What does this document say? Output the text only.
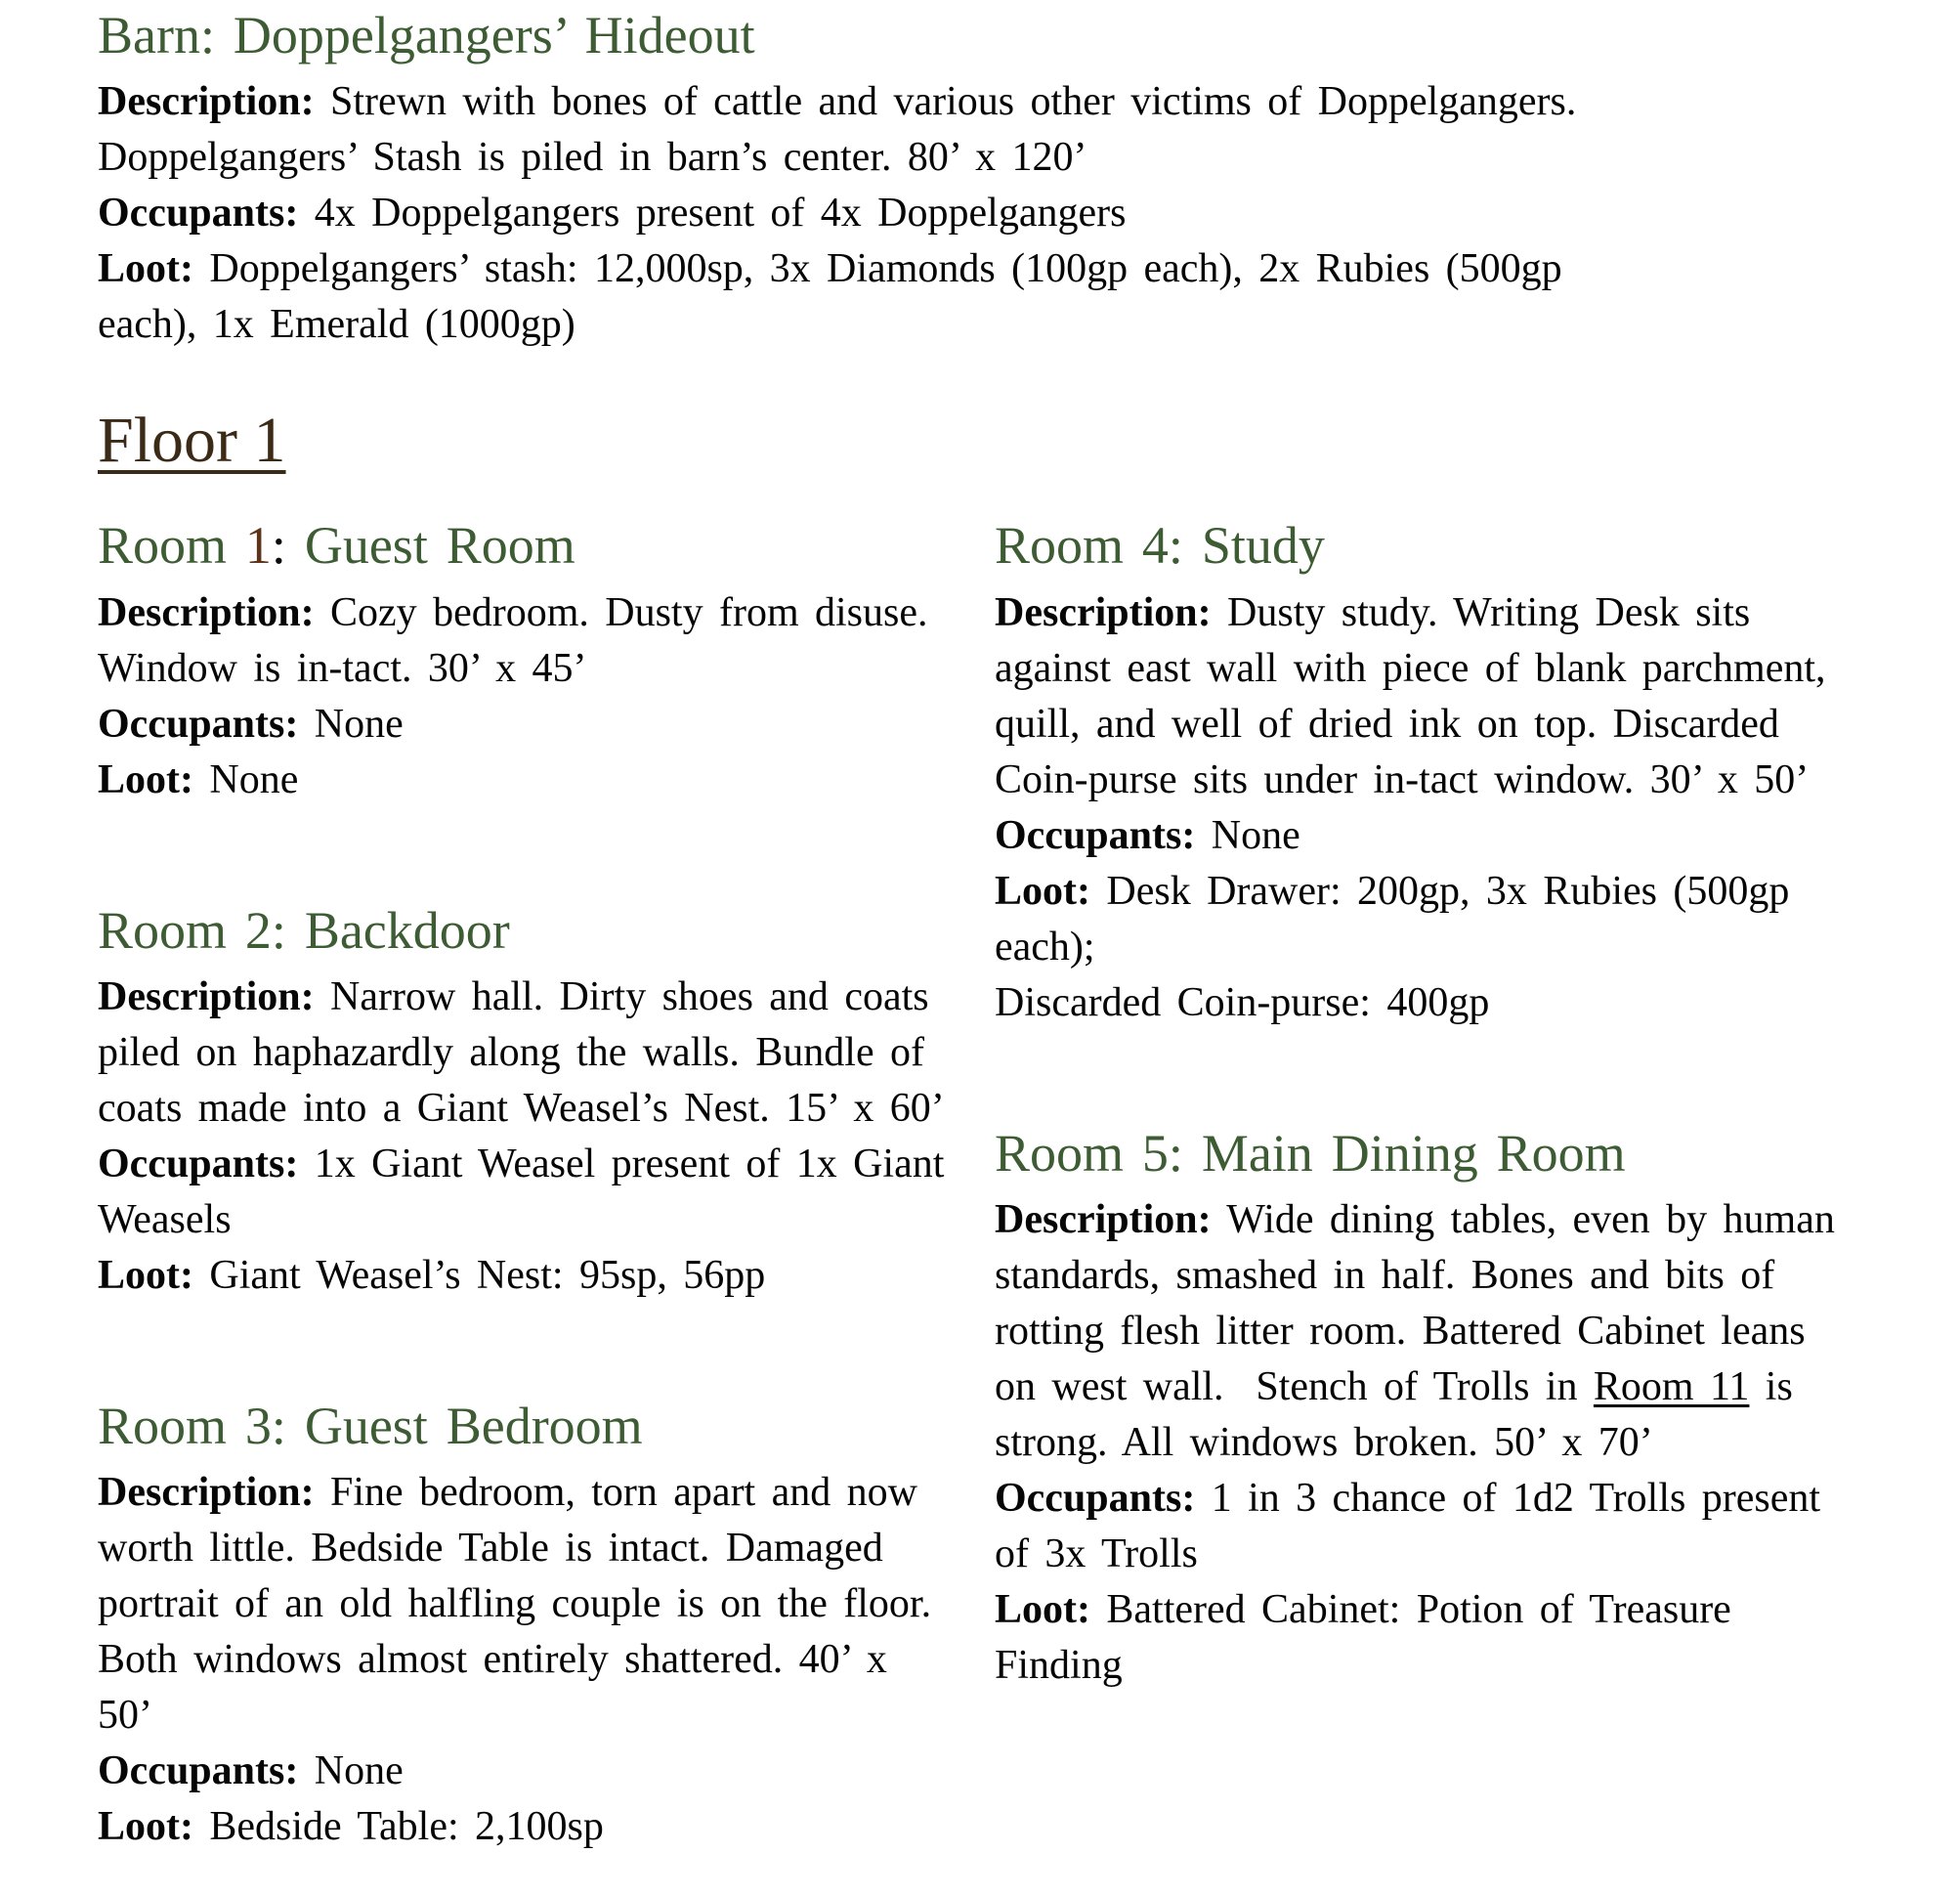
Barn: Doppelgangers’ Hideout

Description: Strewn with bones of cattle and various other victims of Doppelgangers. Doppelgangers’ Stash is piled in barn’s center. 80’ x 120’

Occupants: 4x Doppelgangers present of 4x Doppelgangers

Loot: Doppelgangers’ stash: 12,000sp, 3x Diamonds (100gp each), 2x Rubies (500gp each), 1x Emerald (1000gp)

Floor 1
Room 1: Guest Room

Description: Cozy bedroom. Dusty from disuse. Window is in-tact. 30’ x 45’

Occupants: None

Loot: None

Room 2: Backdoor

Description: Narrow hall. Dirty shoes and coats piled on haphazardly along the walls. Bundle of coats made into a Giant Weasel’s Nest. 15’ x 60’

Occupants: 1x Giant Weasel present of 1x Giant Weasels

Loot: Giant Weasel’s Nest: 95sp, 56pp

Room 3: Guest Bedroom

Description: Fine bedroom, torn apart and now worth little. Bedside Table is intact. Damaged portrait of an old halfling couple is on the floor. Both windows almost entirely shattered. 40’ x 50’

Occupants: None

Loot: Bedside Table: 2,100sp

Room 4: Study

Description: Dusty study. Writing Desk sits against east wall with piece of blank parchment, quill, and well of dried ink on top. Discarded Coin-purse sits under in-tact window. 30’ x 50’

Occupants: None

Loot: Desk Drawer: 200gp, 3x Rubies (500gp each);
Discarded Coin-purse: 400gp

Room 5: Main Dining Room

Description: Wide dining tables, even by human standards, smashed in half. Bones and bits of rotting flesh litter room. Battered Cabinet leans on west wall.  Stench of Trolls in Room 11 is strong. All windows broken. 50’ x 70’

Occupants: 1 in 3 chance of 1d2 Trolls present of 3x Trolls

Loot: Battered Cabinet: Potion of Treasure Finding
